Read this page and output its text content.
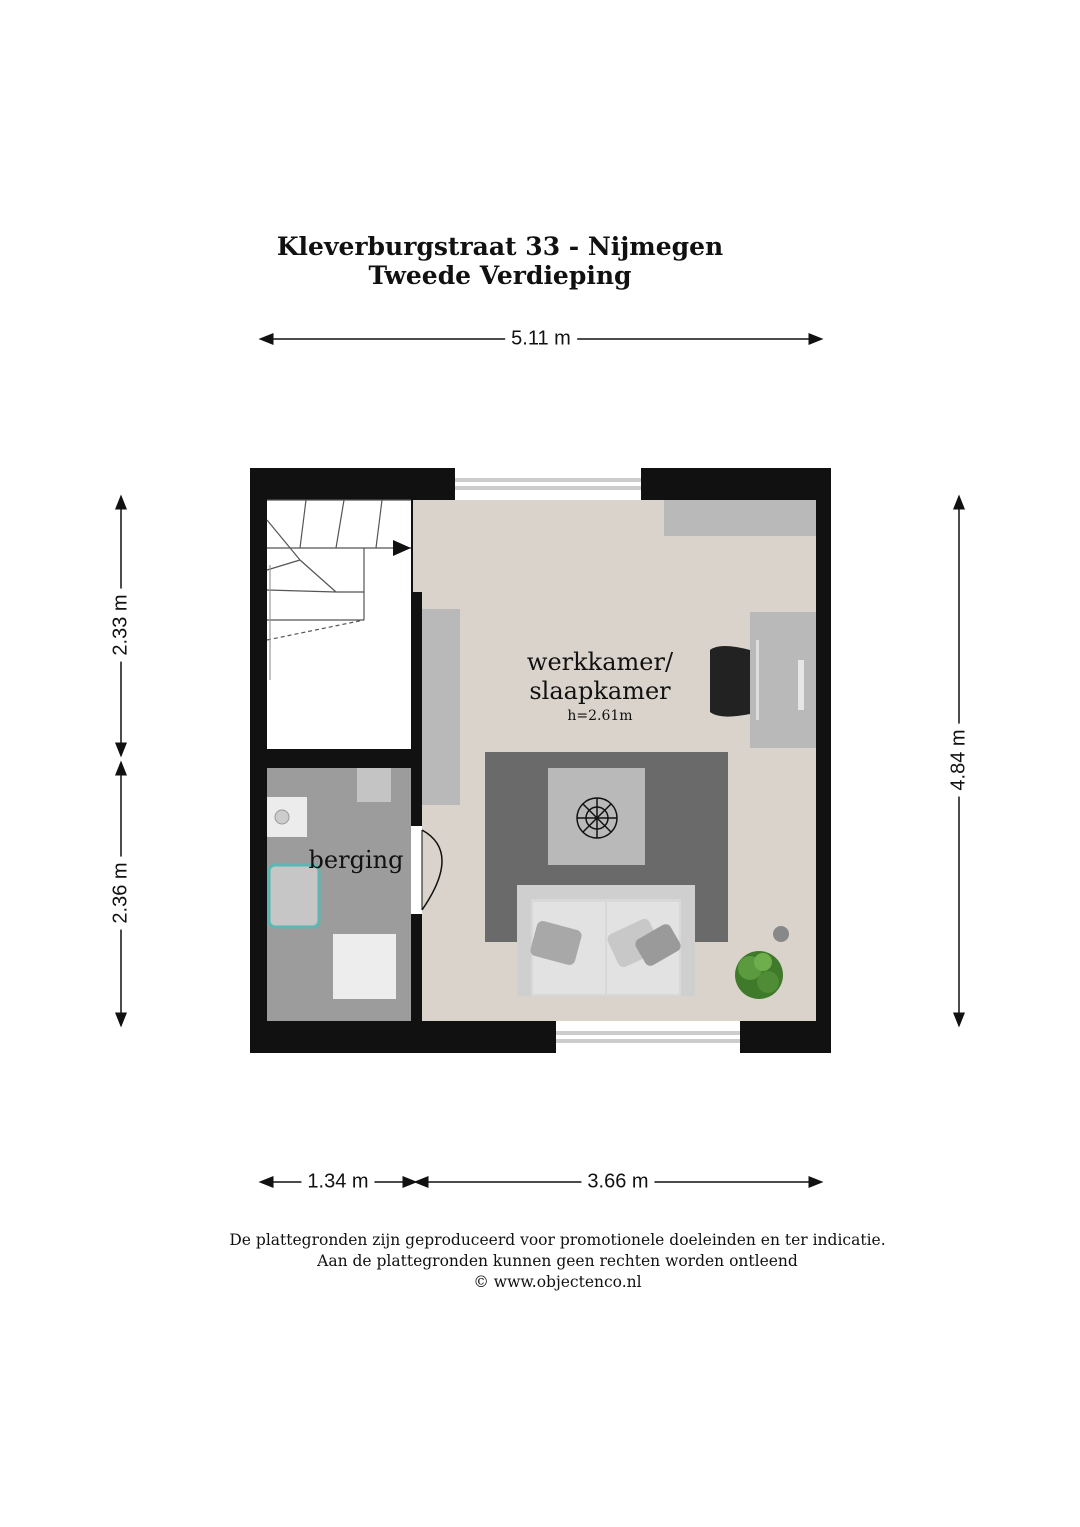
Kleverburgstraat 33 - Nijmegen
Tweede Verdieping
5.11 m
2.33 m
2.36 m
4.84 m
1.34 m	3.66 m
werkkamer/
slaapkamer
h=2.61m
berging
De plattegronden zijn geproduceerd voor promotionele doeleinden en ter indicatie.
Aan de plattegronden kunnen geen rechten worden ontleend
© www.objectenco.nl
